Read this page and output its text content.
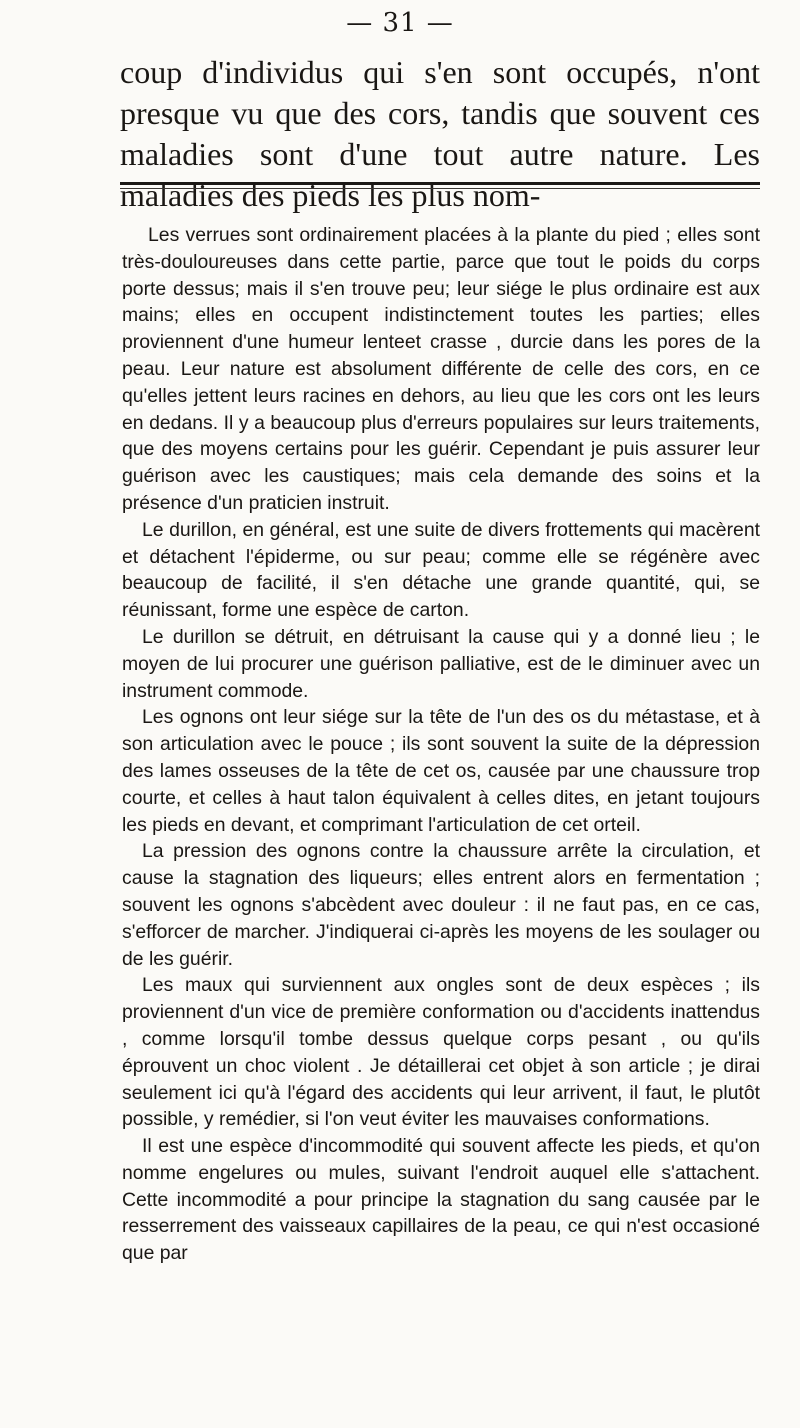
— 31 —
coup d'individus qui s'en sont occupés, n'ont presque vu que des cors, tandis que souvent ces maladies sont d'une tout autre nature. Les maladies des pieds les plus nom-

Les verrues sont ordinairement placées à la plante du pied ; elles sont très-douloureuses dans cette partie, parce que tout le poids du corps porte dessus; mais il s'en trouve peu; leur siége le plus ordinaire est aux mains; elles en occupent indistinctement toutes les parties; elles proviennent d'une humeur lenteet crasse , durcie dans les pores de la peau. Leur nature est absolument différente de celle des cors, en ce qu'elles jettent leurs racines en dehors, au lieu que les cors ont les leurs en dedans. Il y a beaucoup plus d'erreurs populaires sur leurs traitements, que des moyens certains pour les guérir. Cependant je puis assurer leur guérison avec les caustiques; mais cela demande des soins et la présence d'un praticien instruit.

Le durillon, en général, est une suite de divers frottements qui macèrent et détachent l'épiderme, ou sur peau; comme elle se régénère avec beaucoup de facilité, il s'en détache une grande quantité, qui, se réunissant, forme une espèce de carton.

Le durillon se détruit, en détruisant la cause qui y a donné lieu ; le moyen de lui procurer une guérison palliative, est de le diminuer avec un instrument commode.

Les ognons ont leur siége sur la tête de l'un des os du métastase, et à son articulation avec le pouce ; ils sont souvent la suite de la dépression des lames osseuses de la tête de cet os, causée par une chaussure trop courte, et celles à haut talon équivalent à celles dites, en jetant toujours les pieds en devant, et comprimant l'articulation de cet orteil.

La pression des ognons contre la chaussure arrête la circulation, et cause la stagnation des liqueurs; elles entrent alors en fermentation ; souvent les ognons s'abcèdent avec douleur : il ne faut pas, en ce cas, s'efforcer de marcher. J'indiquerai ci-après les moyens de les soulager ou de les guérir.

Les maux qui surviennent aux ongles sont de deux espèces ; ils proviennent d'un vice de première conformation ou d'accidents inattendus , comme lorsqu'il tombe dessus quelque corps pesant , ou qu'ils éprouvent un choc violent . Je détaillerai cet objet à son article ; je dirai seulement ici qu'à l'égard des accidents qui leur arrivent, il faut, le plutôt possible, y remédier, si l'on veut éviter les mauvaises conformations.

Il est une espèce d'incommodité qui souvent affecte les pieds, et qu'on nomme engelures ou mules, suivant l'endroit auquel elle s'attachent. Cette incommodité a pour principe la stagnation du sang causée par le resserrement des vaisseaux capillaires de la peau, ce qui n'est occasioné que par
